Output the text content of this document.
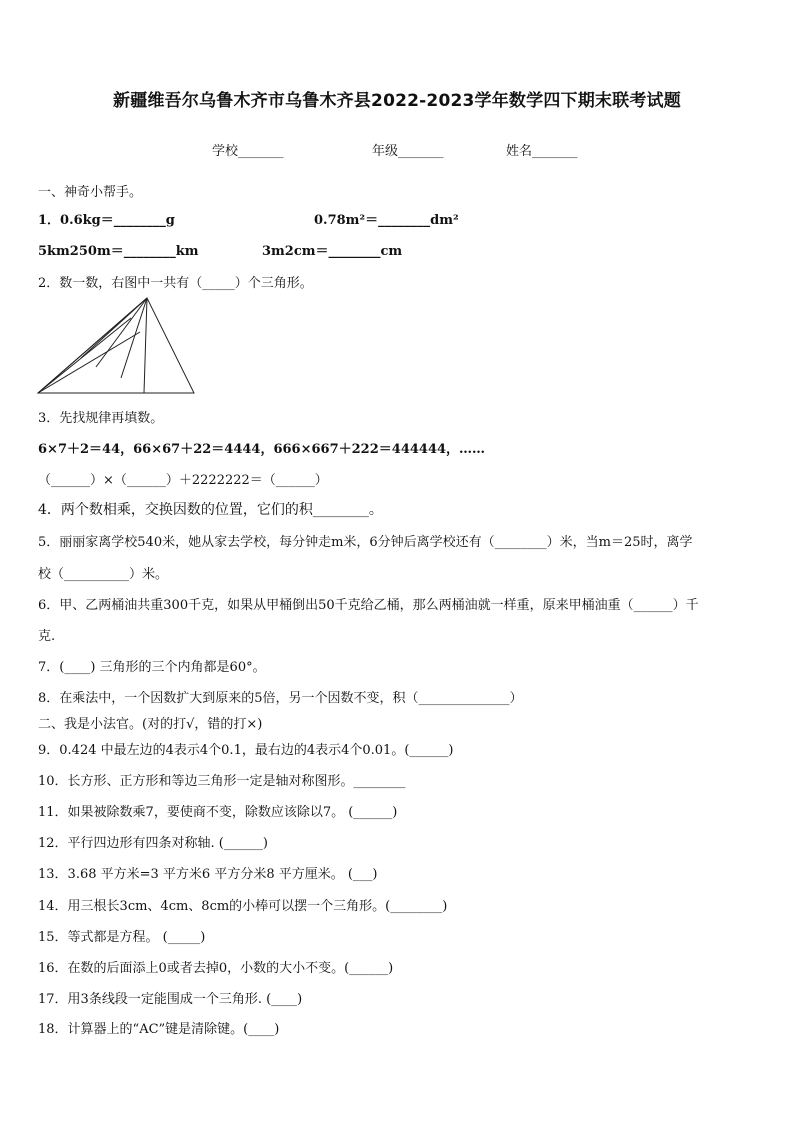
新疆维吾尔乌鲁木齐市乌鲁木齐县2022-2023学年数学四下期末联考试题
学校_______	年级_______	姓名_______
一、神奇小帮手。
1．0.6kg＝________g	0.78m²＝________dm²
5km250m＝________km	3m2cm＝________cm
2．数一数，右图中一共有（_____）个三角形。
3．先找规律再填数。
6×7＋2＝44，66×67＋22＝4444，666×667＋222＝444444，……
（______）×（______）＋2222222＝（______）
4．两个数相乘，交换因数的位置，它们的积________。
5．丽丽家离学校540米，她从家去学校，每分钟走m米，6分钟后离学校还有（________）米，当m＝25时，离学
校（__________）米。
6．甲、乙两桶油共重300千克，如果从甲桶倒出50千克给乙桶，那么两桶油就一样重，原来甲桶油重（______）千
克.
7．(____) 三角形的三个内角都是60°。
8．在乘法中，一个因数扩大到原来的5倍，另一个因数不变，积（______________）
二、我是小法官。(对的打√，错的打×)
9．0.424 中最左边的4表示4个0.1，最右边的4表示4个0.01。(______)
10．长方形、正方形和等边三角形一定是轴对称图形。________
11．如果被除数乘7，要使商不变，除数应该除以7。 (______)
12．平行四边形有四条对称轴. (______)
13．3.68 平方米=3 平方米6 平方分米8 平方厘米。 (___)
14．用三根长3cm、4cm、8cm的小棒可以摆一个三角形。(________)
15．等式都是方程。 (_____)
16．在数的后面添上0或者去掉0，小数的大小不变。(______)
17．用3条线段一定能围成一个三角形. (____)
18．计算器上的“AC”键是清除键。(____)
